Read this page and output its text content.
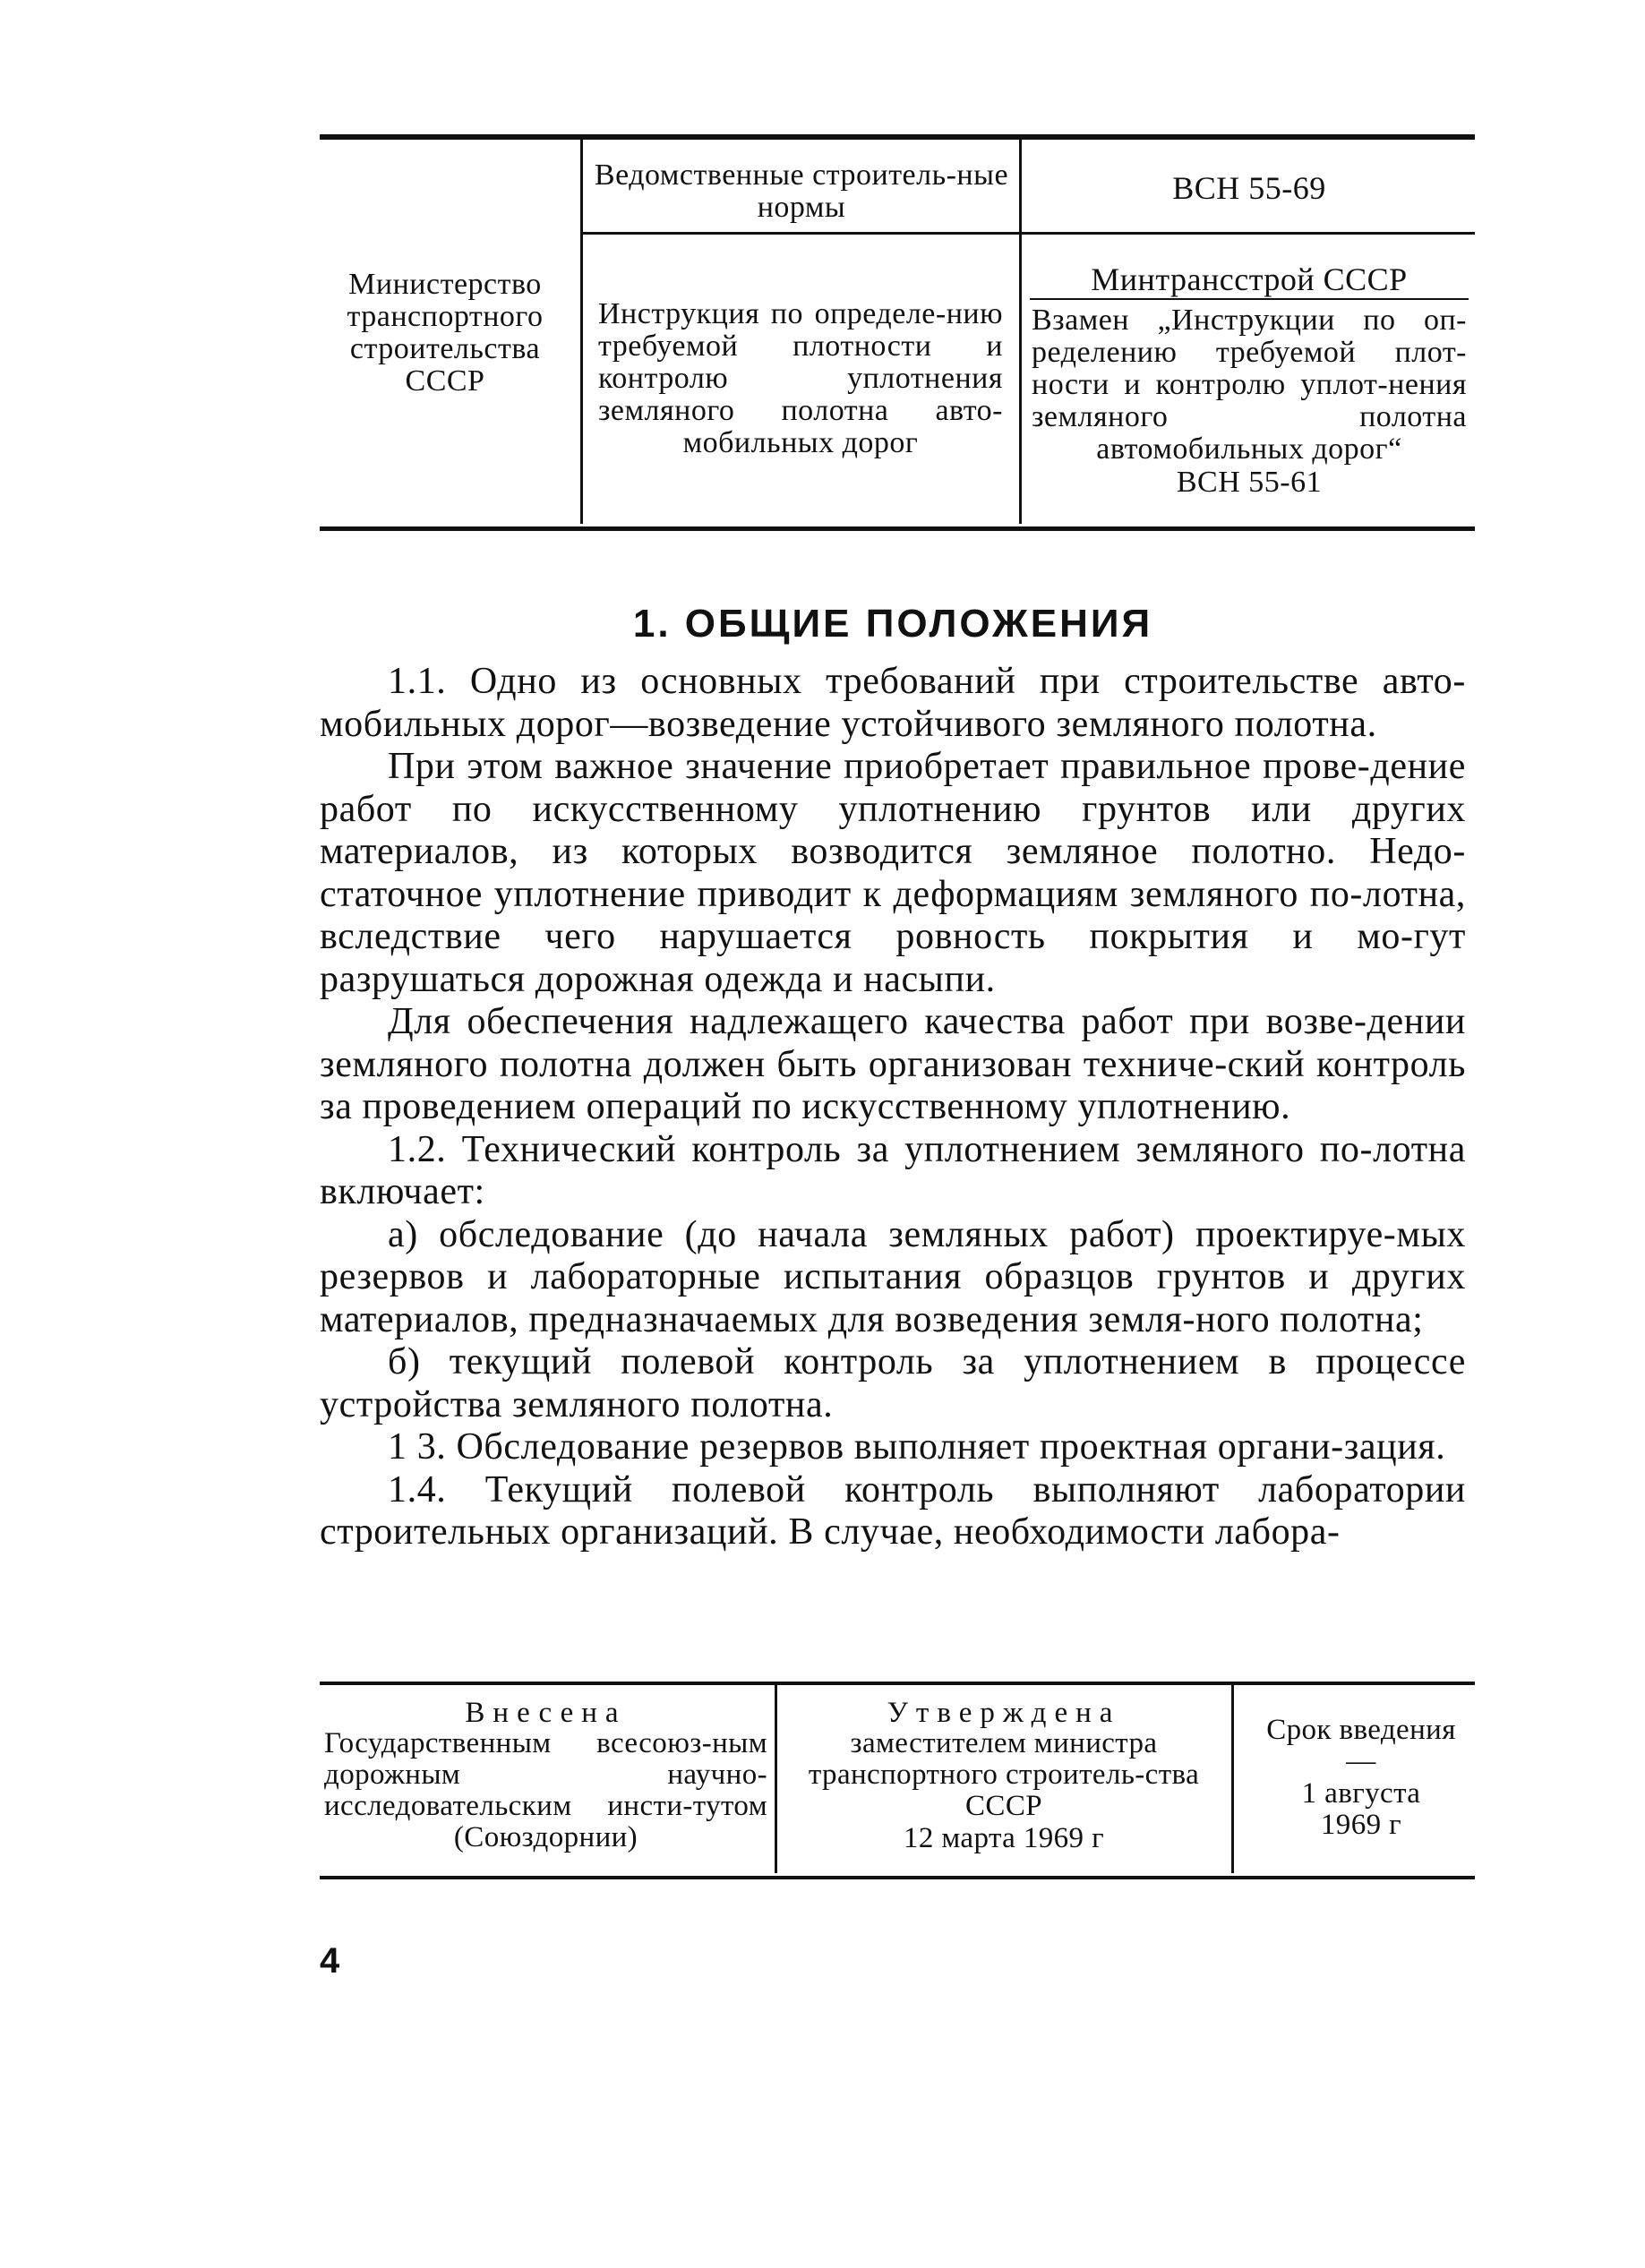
Министерство транспортного строительства СССР
Ведомственные строитель-ные нормы
ВСН 55-69
Инструкция по определе-нию требуемой плотности и контролю уплотнения земляного полотна авто-мобильных дорог
Минтрансстрой СССР
Взамен „Инструкции по оп-ределению требуемой плот-ности и контролю уплот-нения земляного полотна автомобильных дорог“
ВСН 55-61
1. ОБЩИЕ ПОЛОЖЕНИЯ

1.1. Одно из основных требований при строительстве авто-мобильных дорог—возведение устойчивого земляного полотна.

При этом важное значение приобретает правильное прове-дение работ по искусственному уплотнению грунтов или других материалов, из которых возводится земляное полотно. Недо-статочное уплотнение приводит к деформациям земляного по-лотна, вследствие чего нарушается ровность покрытия и мо-гут разрушаться дорожная одежда и насыпи.

Для обеспечения надлежащего качества работ при возве-дении земляного полотна должен быть организован техниче-ский контроль за проведением операций по искусственному уплотнению.

1.2. Технический контроль за уплотнением земляного по-лотна включает:

а) обследование (до начала земляных работ) проектируе-мых резервов и лабораторные испытания образцов грунтов и других материалов, предназначаемых для возведения земля-ного полотна;

б) текущий полевой контроль за уплотнением в процессе устройства земляного полотна.

1 3. Обследование резервов выполняет проектная органи-зация.

1.4. Текущий полевой контроль выполняют лаборатории строительных организаций. В случае, необходимости лабора-

Внесена
Государственным всесоюз-ным дорожным научно-исследовательским инсти-тутом (Союздорнии)
Утверждена
заместителем министра транспортного строитель-ства СССР
12 марта 1969 г
Срок введения —
1 августа 1969 г
4
